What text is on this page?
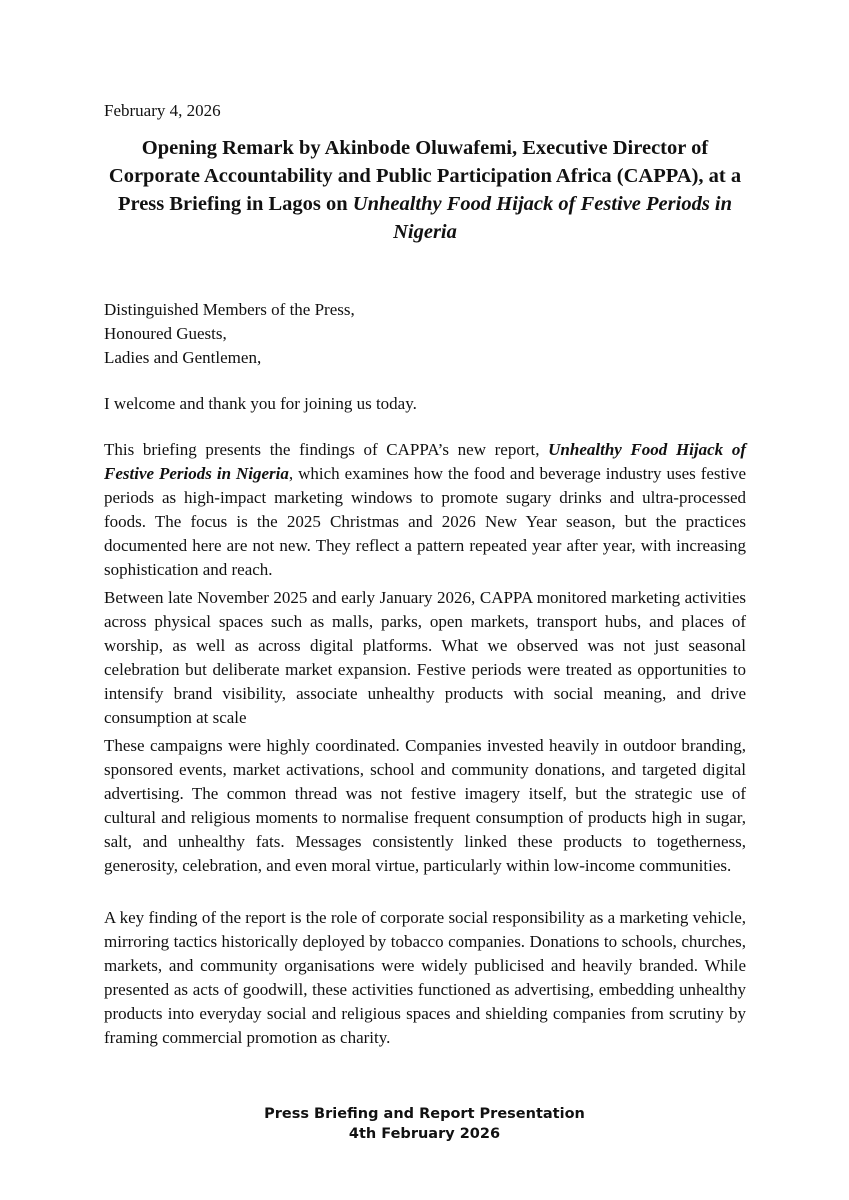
February 4, 2026
Opening Remark by Akinbode Oluwafemi, Executive Director of Corporate Accountability and Public Participation Africa (CAPPA), at a Press Briefing in Lagos on Unhealthy Food Hijack of Festive Periods in Nigeria
Distinguished Members of the Press,
Honoured Guests,
Ladies and Gentlemen,
I welcome and thank you for joining us today.
This briefing presents the findings of CAPPA’s new report, Unhealthy Food Hijack of Festive Periods in Nigeria, which examines how the food and beverage industry uses festive periods as high-impact marketing windows to promote sugary drinks and ultra-processed foods. The focus is the 2025 Christmas and 2026 New Year season, but the practices documented here are not new. They reflect a pattern repeated year after year, with increasing sophistication and reach.
Between late November 2025 and early January 2026, CAPPA monitored marketing activities across physical spaces such as malls, parks, open markets, transport hubs, and places of worship, as well as across digital platforms. What we observed was not just seasonal celebration but deliberate market expansion. Festive periods were treated as opportunities to intensify brand visibility, associate unhealthy products with social meaning, and drive consumption at scale
These campaigns were highly coordinated. Companies invested heavily in outdoor branding, sponsored events, market activations, school and community donations, and targeted digital advertising. The common thread was not festive imagery itself, but the strategic use of cultural and religious moments to normalise frequent consumption of products high in sugar, salt, and unhealthy fats. Messages consistently linked these products to togetherness, generosity, celebration, and even moral virtue, particularly within low-income communities.
A key finding of the report is the role of corporate social responsibility as a marketing vehicle, mirroring tactics historically deployed by tobacco companies. Donations to schools, churches, markets, and community organisations were widely publicised and heavily branded. While presented as acts of goodwill, these activities functioned as advertising, embedding unhealthy products into everyday social and religious spaces and shielding companies from scrutiny by framing commercial promotion as charity.
Press Briefing and Report Presentation
4th February 2026
